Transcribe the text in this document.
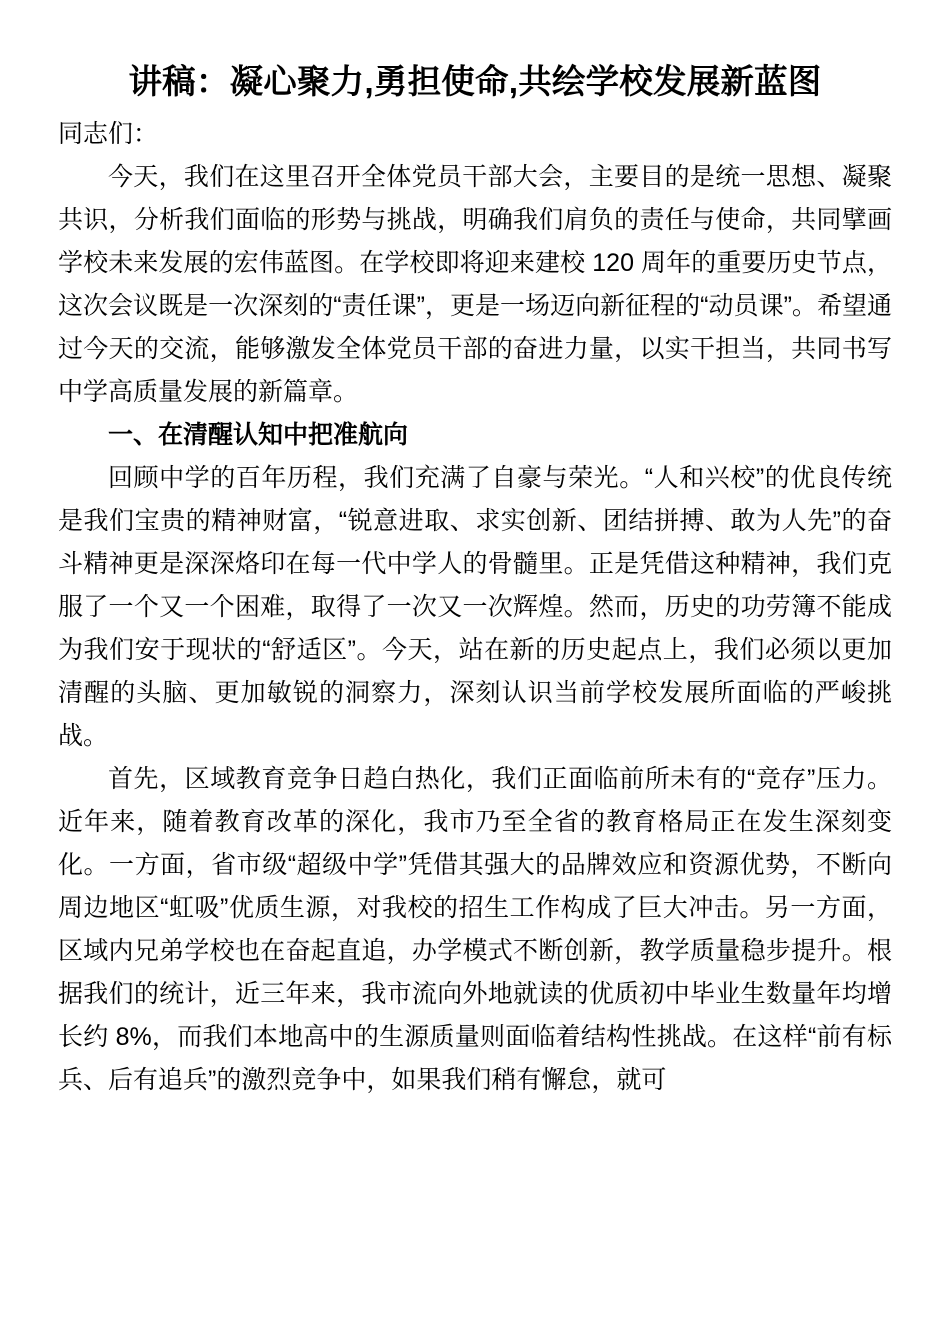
讲稿：凝心聚力,勇担使命,共绘学校发展新蓝图

同志们：

今天，我们在这里召开全体党员干部大会，主要目的是统一思想、凝聚共识，分析我们面临的形势与挑战，明确我们肩负的责任与使命，共同擘画学校未来发展的宏伟蓝图。在学校即将迎来建校 120 周年的重要历史节点，这次会议既是一次深刻的“责任课”，更是一场迈向新征程的“动员课”。希望通过今天的交流，能够激发全体党员干部的奋进力量，以实干担当，共同书写中学高质量发展的新篇章。

一、在清醒认知中把准航向

回顾中学的百年历程，我们充满了自豪与荣光。“人和兴校”的优良传统是我们宝贵的精神财富，“锐意进取、求实创新、团结拼搏、敢为人先”的奋斗精神更是深深烙印在每一代中学人的骨髓里。正是凭借这种精神，我们克服了一个又一个困难，取得了一次又一次辉煌。然而，历史的功劳簿不能成为我们安于现状的“舒适区”。今天，站在新的历史起点上，我们必须以更加清醒的头脑、更加敏锐的洞察力，深刻认识当前学校发展所面临的严峻挑战。

首先，区域教育竞争日趋白热化，我们正面临前所未有的“竞存”压力。近年来，随着教育改革的深化，我市乃至全省的教育格局正在发生深刻变化。一方面，省市级“超级中学”凭借其强大的品牌效应和资源优势，不断向周边地区“虹吸”优质生源，对我校的招生工作构成了巨大冲击。另一方面，区域内兄弟学校也在奋起直追，办学模式不断创新，教学质量稳步提升。根据我们的统计，近三年来，我市流向外地就读的优质初中毕业生数量年均增长约 8%，而我们本地高中的生源质量则面临着结构性挑战。在这样“前有标兵、后有追兵”的激烈竞争中，如果我们稍有懈怠，就可
